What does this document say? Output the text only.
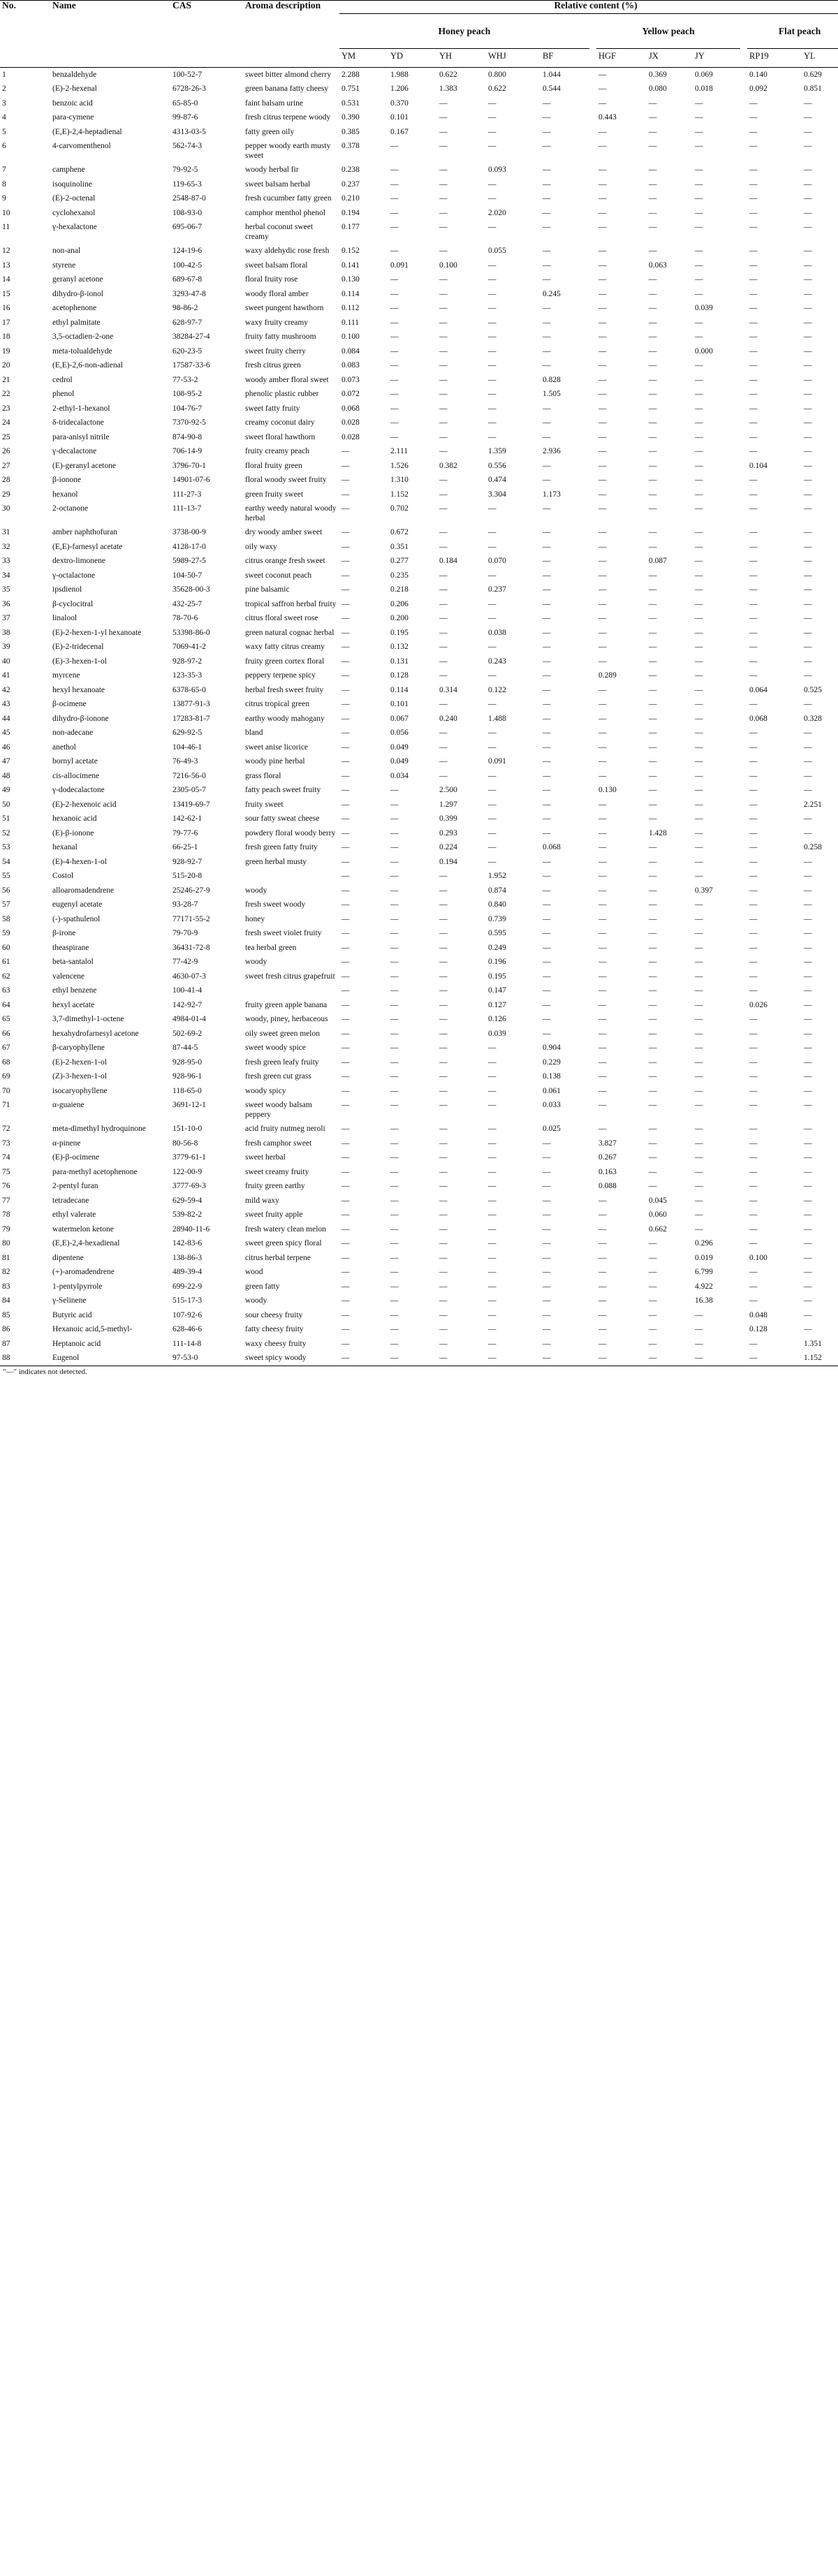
No.	Name	CAS	Aroma description	Relative content (%)											
				Honey peach						Yellow peach				Flat peach	
				YM	YD	YH	WHJ	BF		HGF	JX	JY		RP19	YL
1	benzaldehyde	100-52-7	sweet bitter almond cherry	2.288	1.988	0.622	0.800	1.044		—	0.369	0.069		0.140	0.629
2	(E)-2-hexenal	6728-26-3	green banana fatty cheesy	0.751	1.206	1.383	0.622	0.544		—	0.080	0.018		0.092	0.851
3	benzoic acid	65-85-0	faint balsam urine	0.531	0.370	—	—	—		—	—	—		—	—
4	para-cymene	99-87-6	fresh citrus terpene woody	0.390	0.101	—	—	—		0.443	—	—		—	—
5	(E,E)-2,4-heptadienal	4313-03-5	fatty green oily	0.385	0.167	—	—	—		—	—	—		—	—
6	4-carvomenthenol	562-74-3	pepper woody earth musty sweet	0.378	—	—	—	—		—	—	—		—	—
7	camphene	79-92-5	woody herbal fir	0.238	—	—	0.093	—		—	—	—		—	—
8	isoquinoline	119-65-3	sweet balsam herbal	0.237	—	—	—	—		—	—	—		—	—
9	(E)-2-octenal	2548-87-0	fresh cucumber fatty green	0.210	—	—	—	—		—	—	—		—	—
10	cyclohexanol	108-93-0	camphor menthol phenol	0.194	—	—	2.020	—		—	—	—		—	—
11	γ-hexalactone	695-06-7	herbal coconut sweet creamy	0.177	—	—	—	—		—	—	—		—	—
12	non-anal	124-19-6	waxy aldehydic rose fresh	0.152	—	—	0.055	—		—	—	—		—	—
13	styrene	100-42-5	sweet balsam floral	0.141	0.091	0.100	—	—		—	0.063	—		—	—
14	geranyl acetone	689-67-8	floral fruity rose	0.130	—	—	—	—		—	—	—		—	—
15	dihydro-β-ionol	3293-47-8	woody floral amber	0.114	—	—	—	0.245		—	—	—		—	—
16	acetophenone	98-86-2	sweet pungent hawthorn	0.112	—	—	—	—		—	—	0.039		—	—
17	ethyl palmitate	628-97-7	waxy fruity creamy	0.111	—	—	—	—		—	—	—		—	—
18	3,5-octadien-2-one	38284-27-4	fruity fatty mushroom	0.100	—	—	—	—		—	—	—		—	—
19	meta-tolualdehyde	620-23-5	sweet fruity cherry	0.084	—	—	—	—		—	—	0.000		—	—
20	(E,E)-2,6-non-adienal	17587-33-6	fresh citrus green	0.083	—	—	—	—		—	—	—		—	—
21	cedrol	77-53-2	woody amber floral sweet	0.073	—	—	—	0.828		—	—	—		—	—
22	phenol	108-95-2	phenolic plastic rubber	0.072	—	—	—	1.505		—	—	—		—	—
23	2-ethyl-1-hexanol	104-76-7	sweet fatty fruity	0.068	—	—	—	—		—	—	—		—	—
24	δ-tridecalactone	7370-92-5	creamy coconut dairy	0.028	—	—	—	—		—	—	—		—	—
25	para-anisyl nitrile	874-90-8	sweet floral hawthorn	0.028	—	—	—	—		—	—	—		—	—
26	γ-decalactone	706-14-9	fruity creamy peach	—	2.111	—	1.359	2.936		—	—	—		—	—
27	(E)-geranyl acetone	3796-70-1	floral fruity green	—	1.526	0.382	0.556	—		—	—	—		0.104	—
28	β-ionone	14901-07-6	floral woody sweet fruity	—	1.310	—	0.474	—		—	—	—		—	—
29	hexanol	111-27-3	green fruity sweet	—	1.152	—	3.304	1.173		—	—	—		—	—
30	2-octanone	111-13-7	earthy weedy natural woody herbal	—	0.702	—	—	—		—	—	—		—	—
31	amber naphthofuran	3738-00-9	dry woody amber sweet	—	0.672	—	—	—		—	—	—		—	—
32	(E,E)-farnesyl acetate	4128-17-0	oily waxy	—	0.351	—	—	—		—	—	—		—	—
33	dextro-limonene	5989-27-5	citrus orange fresh sweet	—	0.277	0.184	0.070	—		—	0.087	—		—	—
34	γ-octalactone	104-50-7	sweet coconut peach	—	0.235	—	—	—		—	—	—		—	—
35	ipsdienol	35628-00-3	pine balsamic	—	0.218	—	0.237	—		—	—	—		—	—
36	β-cyclocitral	432-25-7	tropical saffron herbal fruity	—	0.206	—	—	—		—	—	—		—	—
37	linalool	78-70-6	citrus floral sweet rose	—	0.200	—	—	—		—	—	—		—	—
38	(E)-2-hexen-1-yl hexanoate	53398-86-0	green natural cognac herbal	—	0.195	—	0.038	—		—	—	—		—	—
39	(E)-2-tridecenal	7069-41-2	waxy fatty citrus creamy	—	0.132	—	—	—		—	—	—		—	—
40	(E)-3-hexen-1-ol	928-97-2	fruity green cortex floral	—	0.131	—	0.243	—		—	—	—		—	—
41	myrcene	123-35-3	peppery terpene spicy	—	0.128	—	—	—		0.289	—	—		—	—
42	hexyl hexanoate	6378-65-0	herbal fresh sweet fruity	—	0.114	0.314	0.122	—		—	—	—		0.064	0.525
43	β-ocimene	13877-91-3	citrus tropical green	—	0.101	—	—	—		—	—	—		—	—
44	dihydro-β-ionone	17283-81-7	earthy woody mahogany	—	0.067	0.240	1.488	—		—	—	—		0.068	0.328
45	non-adecane	629-92-5	bland	—	0.056	—	—	—		—	—	—		—	—
46	anethol	104-46-1	sweet anise licorice	—	0.049	—	—	—		—	—	—		—	—
47	bornyl acetate	76-49-3	woody pine herbal	—	0.049	—	0.091	—		—	—	—		—	—
48	cis-allocimene	7216-56-0	grass floral	—	0.034	—	—	—		—	—	—		—	—
49	γ-dodecalactone	2305-05-7	fatty peach sweet fruity	—	—	2.500	—	—		0.130	—	—		—	—
50	(E)-2-hexenoic acid	13419-69-7	fruity sweet	—	—	1.297	—	—		—	—	—		—	2.251
51	hexanoic acid	142-62-1	sour fatty sweat cheese	—	—	0.399	—	—		—	—	—		—	—
52	(E)-β-ionone	79-77-6	powdery floral woody berry	—	—	0.293	—	—		—	1.428	—		—	—
53	hexanal	66-25-1	fresh green fatty fruity	—	—	0.224	—	0.068		—	—	—		—	0.258
54	(E)-4-hexen-1-ol	928-92-7	green herbal musty	—	—	0.194	—	—		—	—	—		—	—
55	Costol	515-20-8		—	—	—	1.952	—		—	—	—		—	—
56	alloaromadendrene	25246-27-9	woody	—	—	—	0.874	—		—	—	0.397		—	—
57	eugenyl acetate	93-28-7	fresh sweet woody	—	—	—	0.840	—		—	—	—		—	—
58	(-)-spathulenol	77171-55-2	honey	—	—	—	0.739	—		—	—	—		—	—
59	β-irone	79-70-9	fresh sweet violet fruity	—	—	—	0.595	—		—	—	—		—	—
60	theaspirane	36431-72-8	tea herbal green	—	—	—	0.249	—		—	—	—		—	—
61	beta-santalol	77-42-9	woody	—	—	—	0.196	—		—	—	—		—	—
62	valencene	4630-07-3	sweet fresh citrus grapefruit	—	—	—	0.195	—		—	—	—		—	—
63	ethyl benzene	100-41-4		—	—	—	0.147	—		—	—	—		—	—
64	hexyl acetate	142-92-7	fruity green apple banana	—	—	—	0.127	—		—	—	—		0.026	—
65	3,7-dimethyl-1-octene	4984-01-4	woody, piney, herbaceous	—	—	—	0.126	—		—	—	—		—	—
66	hexahydrofarnesyl acetone	502-69-2	oily sweet green melon	—	—	—	0.039	—		—	—	—		—	—
67	β-caryophyllene	87-44-5	sweet woody spice	—	—	—	—	0.904		—	—	—		—	—
68	(E)-2-hexen-1-ol	928-95-0	fresh green leafy fruity	—	—	—	—	0.229		—	—	—		—	—
69	(Z)-3-hexen-1-ol	928-96-1	fresh green cut grass	—	—	—	—	0.138		—	—	—		—	—
70	isocaryophyllene	118-65-0	woody spicy	—	—	—	—	0.061		—	—	—		—	—
71	α-guaiene	3691-12-1	sweet woody balsam peppery	—	—	—	—	0.033		—	—	—		—	—
72	meta-dimethyl hydroquinone	151-10-0	acid fruity nutmeg neroli	—	—	—	—	0.025		—	—	—		—	—
73	α-pinene	80-56-8	fresh camphor sweet	—	—	—	—	—		3.827	—	—		—	—
74	(E)-β-ocimene	3779-61-1	sweet herbal	—	—	—	—	—		0.267	—	—		—	—
75	para-methyl acetophenone	122-00-9	sweet creamy fruity	—	—	—	—	—		0.163	—	—		—	—
76	2-pentyl furan	3777-69-3	fruity green earthy	—	—	—	—	—		0.088	—	—		—	—
77	tetradecane	629-59-4	mild waxy	—	—	—	—	—		—	0.045	—		—	—
78	ethyl valerate	539-82-2	sweet fruity apple	—	—	—	—	—		—	0.060	—		—	—
79	watermelon ketone	28940-11-6	fresh watery clean melon	—	—	—	—	—		—	0.662	—		—	—
80	(E,E)-2,4-hexadienal	142-83-6	sweet green spicy floral	—	—	—	—	—		—	—	0.296		—	—
81	dipentene	138-86-3	citrus herbal terpene	—	—	—	—	—		—	—	0.019		0.100	—
82	(+)-aromadendrene	489-39-4	wood	—	—	—	—	—		—	—	6.799		—	—
83	1-pentylpyrrole	699-22-9	green fatty	—	—	—	—	—		—	—	4.922		—	—
84	γ-Selinene	515-17-3	woody	—	—	—	—	—		—	—	16.38		—	—
85	Butyric acid	107-92-6	sour cheesy fruity	—	—	—	—	—		—	—	—		0.048	—
86	Hexanoic acid,5-methyl-	628-46-6	fatty cheesy fruity	—	—	—	—	—		—	—	—		0.128	—
87	Heptanoic acid	111-14-8	waxy cheesy fruity	—	—	—	—	—		—	—	—		—	1.351
88	Eugenol	97-53-0	sweet spicy woody	—	—	—	—	—		—	—	—		—	1.152
"—" indicates not detected.
